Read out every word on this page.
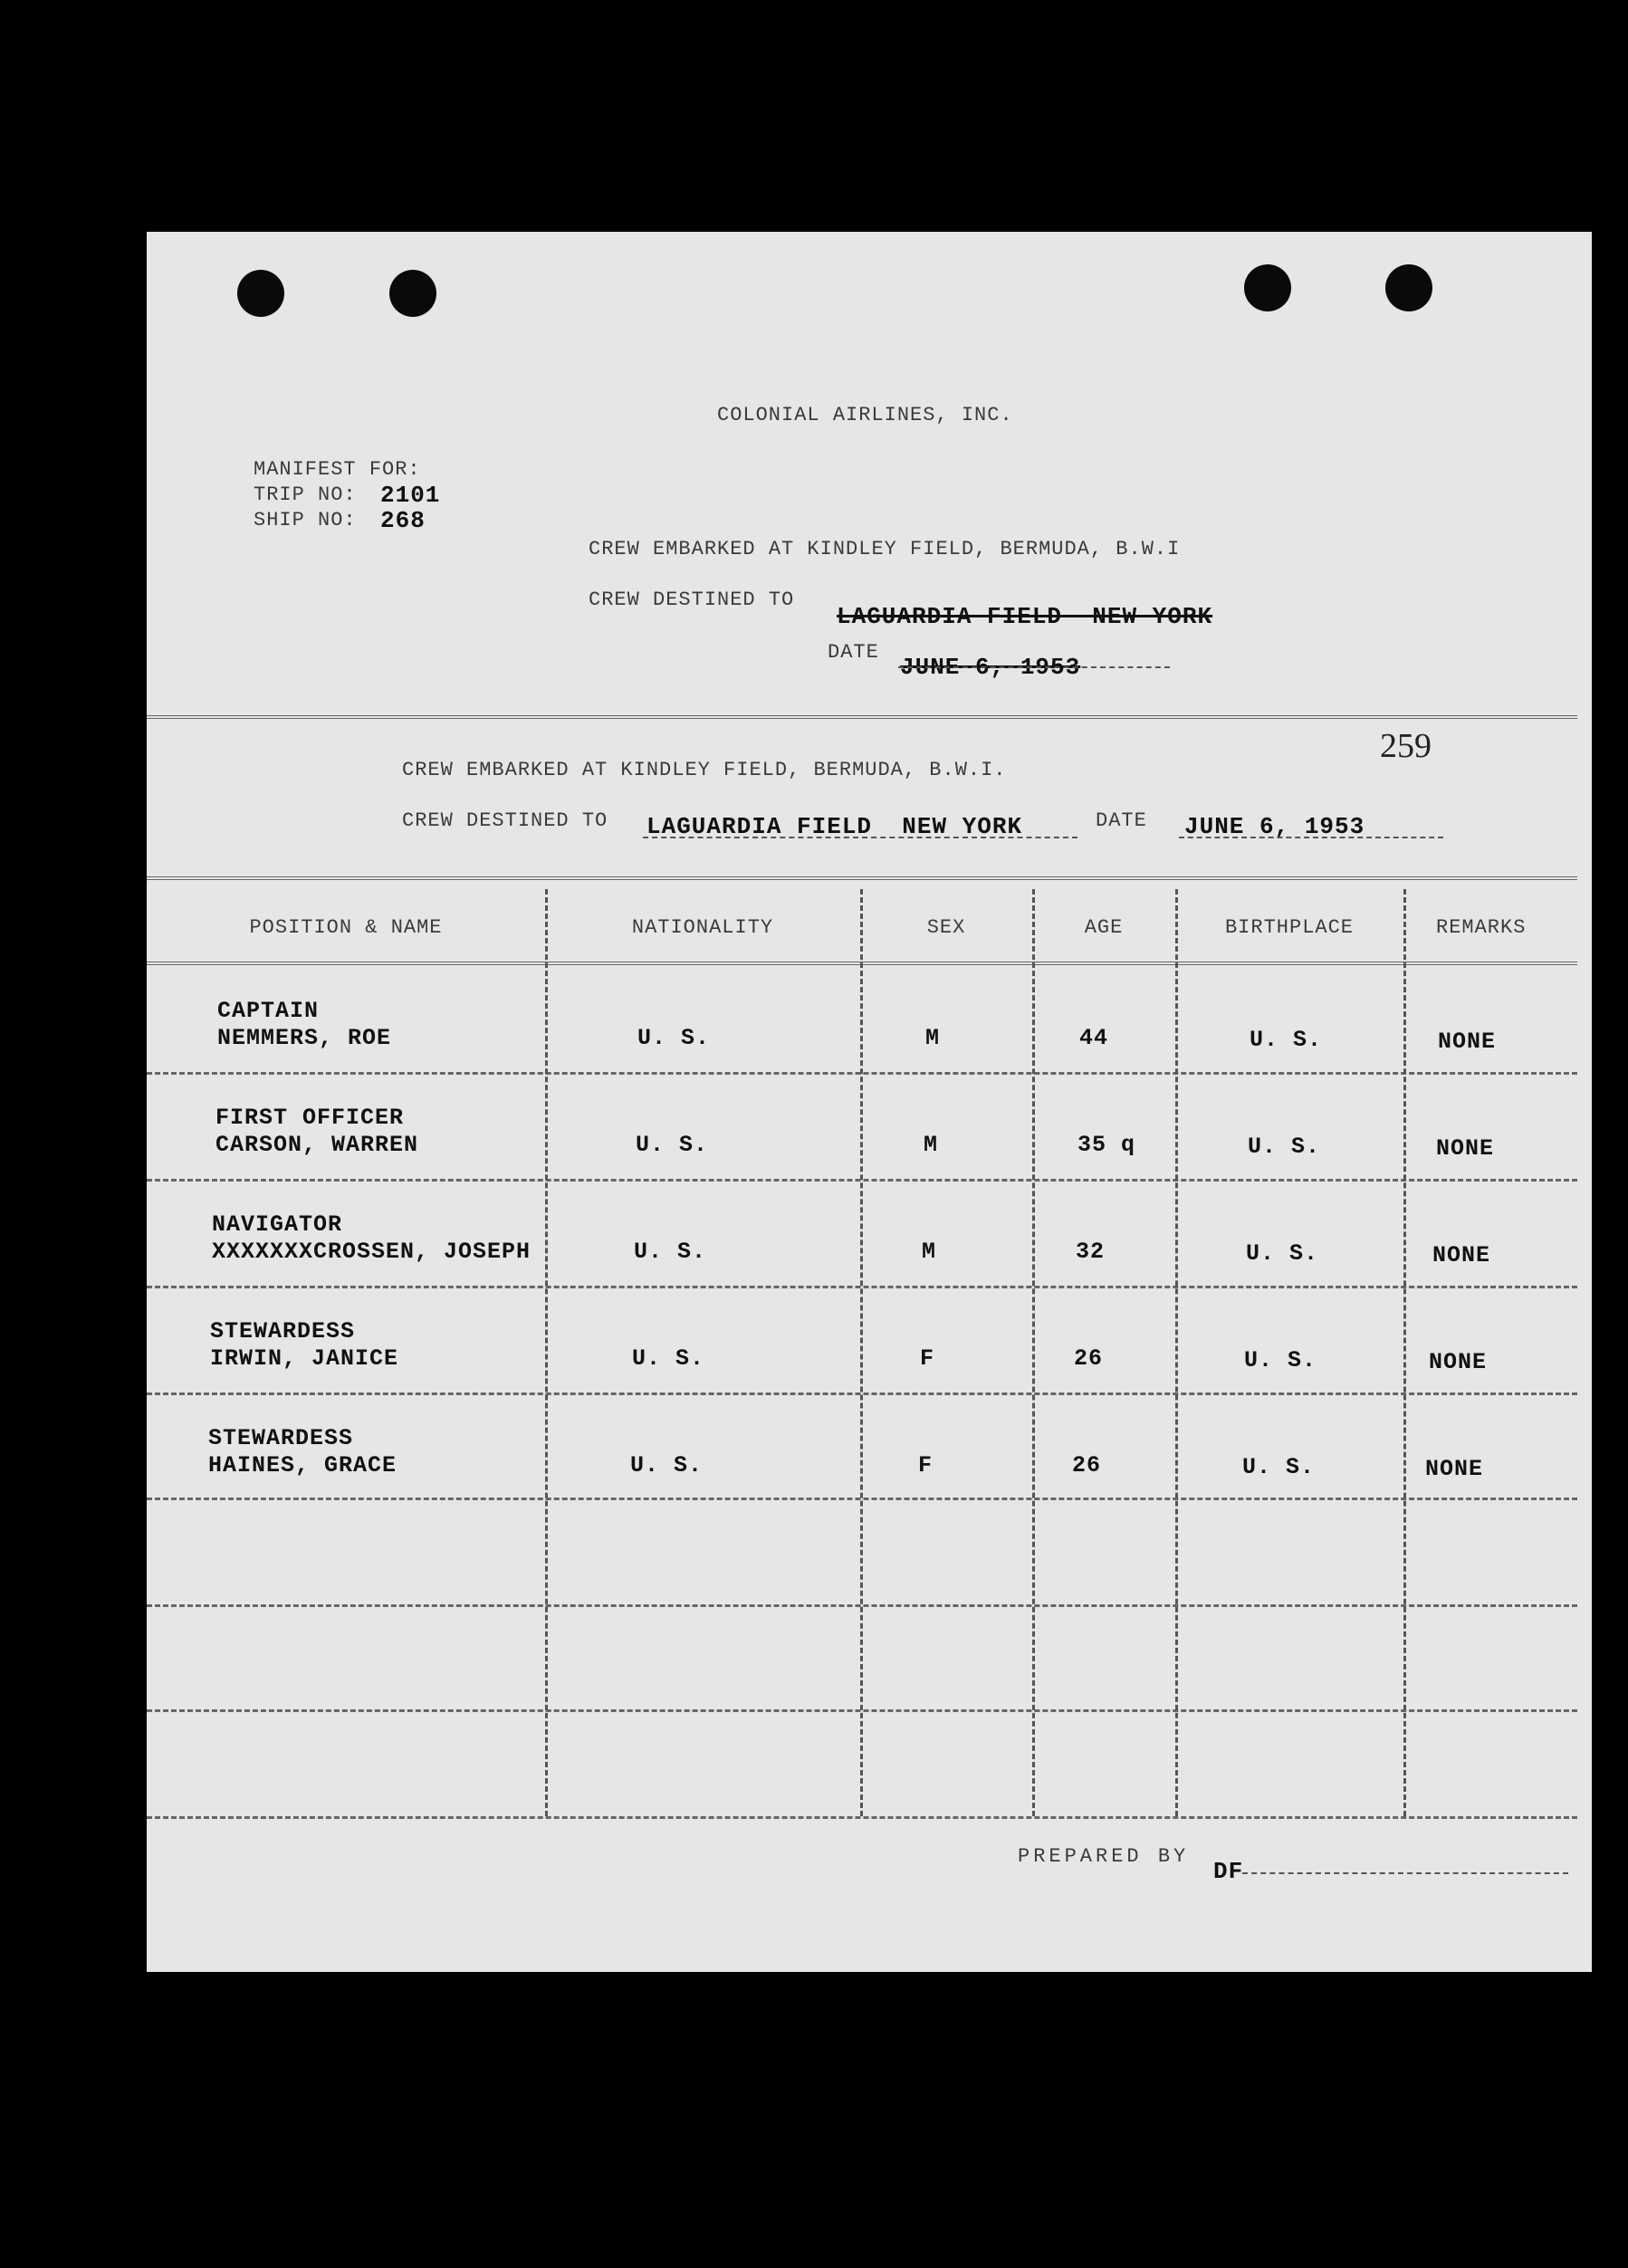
COLONIAL AIRLINES, INC.
MANIFEST FOR:
TRIP NO: 2101
SHIP NO: 268
CREW EMBARKED AT KINDLEY FIELD, BERMUDA, B.W.I
CREW DESTINED TO
LAGUARDIA FIELD  NEW YORK
DATE
JUNE 6, 1953
259
CREW EMBARKED AT KINDLEY FIELD, BERMUDA, B.W.I.
CREW DESTINED TO LAGUARDIA FIELD  NEW YORK	DATE JUNE 6, 1953
POSITION & NAME	NATIONALITY	SEX	AGE	BIRTHPLACE	REMARKS
CAPTAIN
NEMMERS, ROE	U. S.	M	44	U. S.	NONE
FIRST OFFICER
CARSON, WARREN	U. S.	M	35 q	U. S.	NONE
NAVIGATOR
XXXXXXXCROSSEN, JOSEPH	U. S.	M	32	U. S.	NONE
STEWARDESS
IRWIN, JANICE	U. S.	F	26	U. S.	NONE
STEWARDESS
HAINES, GRACE	U. S.	F	26	U. S.	NONE
PREPARED BY
DF
